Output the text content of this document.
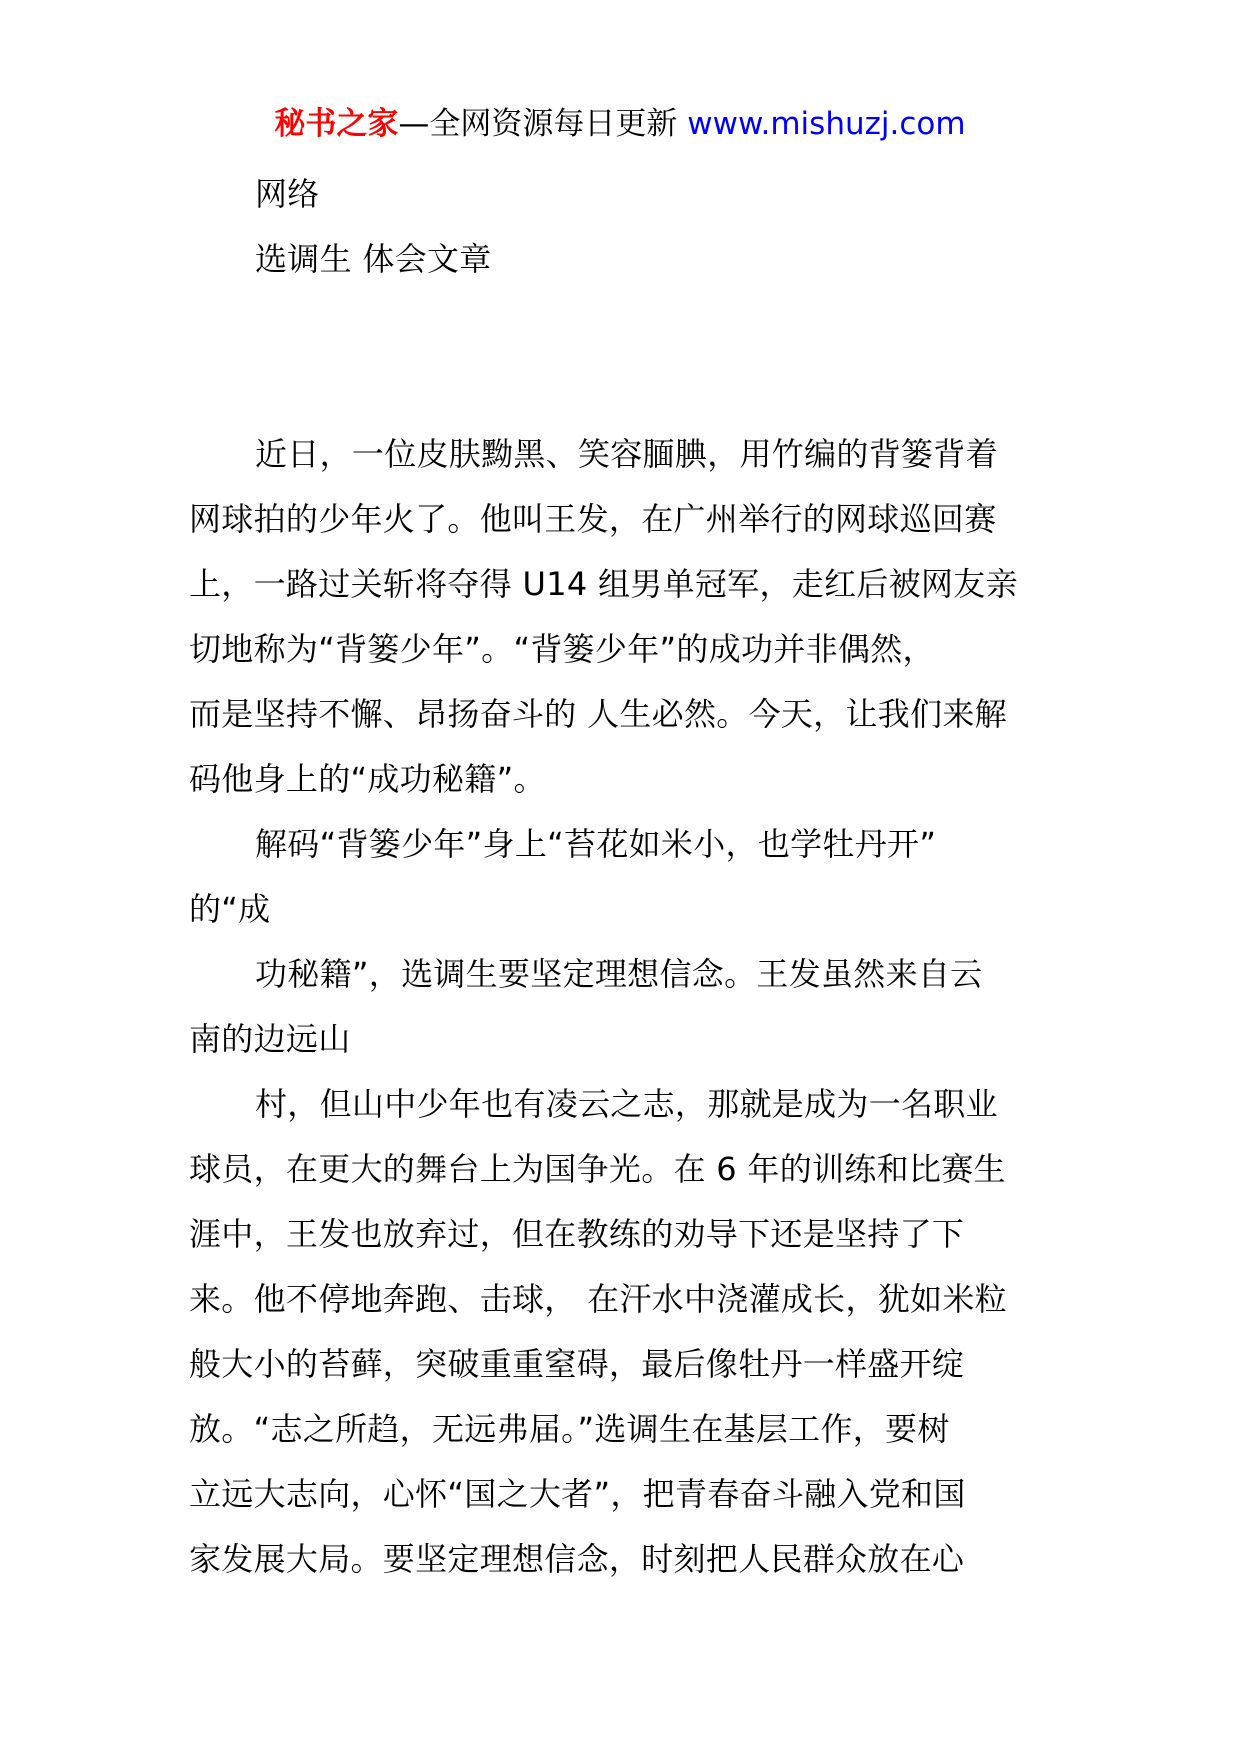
秘书之家—全网资源每日更新 www.mishuzj.com
网络
选调生 体会文章
近日，一位皮肤黝黑、笑容腼腆，用竹编的背篓背着
网球拍的少年火了。他叫王发，在广州举行的网球巡回赛
上，一路过关斩将夺得 U14 组男单冠军，走红后被网友亲
切地称为“背篓少年”。“背篓少年”的成功并非偶然，
而是坚持不懈、昂扬奋斗的 人生必然。今天，让我们来解
码他身上的“成功秘籍”。
解码“背篓少年”身上“苔花如米小，也学牡丹开”
的“成
功秘籍”，选调生要坚定理想信念。王发虽然来自云
南的边远山
村，但山中少年也有凌云之志，那就是成为一名职业
球员，在更大的舞台上为国争光。在 6 年的训练和比赛生
涯中，王发也放弃过，但在教练的劝导下还是坚持了下
来。他不停地奔跑、击球， 在汗水中浇灌成长，犹如米粒
般大小的苔藓，突破重重窒碍，最后像牡丹一样盛开绽
放。“志之所趋，无远弗届。”选调生在基层工作，要树
立远大志向，心怀“国之大者”，把青春奋斗融入党和国
家发展大局。要坚定理想信念，时刻把人民群众放在心
